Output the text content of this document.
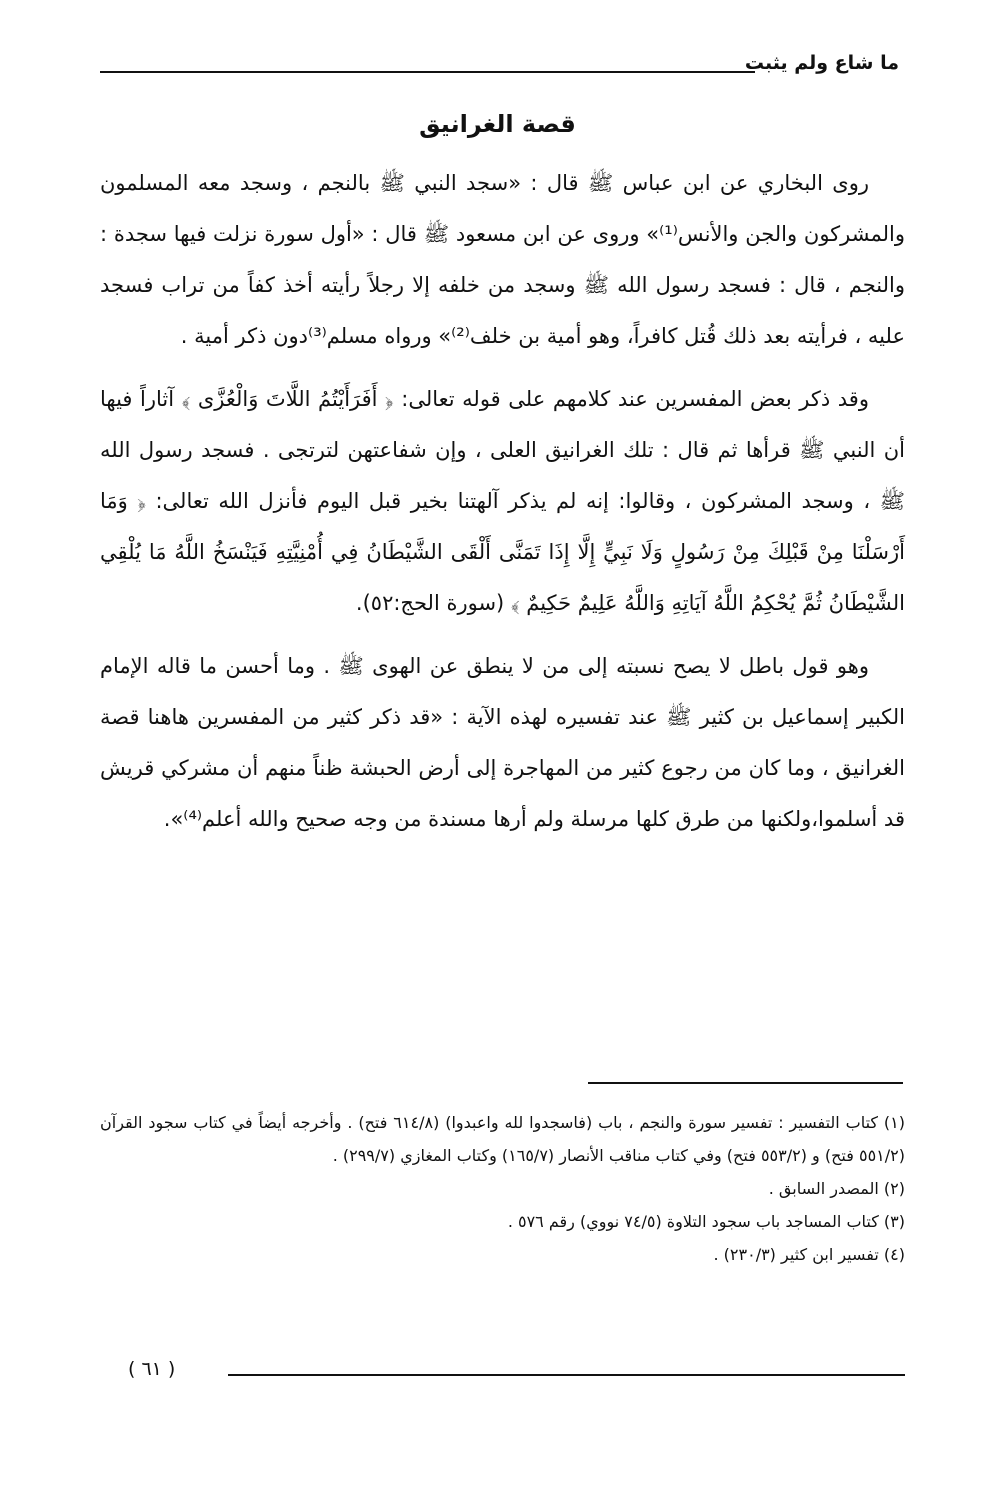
ما شاع ولم يثبت
قصة الغرانيق

روى البخاري عن ابن عباس ﷺ قال : «سجد النبي ﷺ بالنجم ، وسجد معه المسلمون والمشركون والجن والأنس⁽¹⁾» وروى عن ابن مسعود ﷺ قال : «أول سورة نزلت فيها سجدة : والنجم ، قال : فسجد رسول الله ﷺ وسجد من خلفه إلا رجلاً رأيته أخذ كفاً من تراب فسجد عليه ، فرأيته بعد ذلك قُتل كافراً، وهو أمية بن خلف⁽²⁾» ورواه مسلم⁽³⁾دون ذكر أمية .

وقد ذكر بعض المفسرين عند كلامهم على قوله تعالى: ﴿ أَفَرَأَيْتُمُ اللَّاتَ وَالْعُزَّى ﴾ آثاراً فيها أن النبي ﷺ قرأها ثم قال : تلك الغرانيق العلى ، وإن شفاعتهن لترتجى . فسجد رسول الله ﷺ ، وسجد المشركون ، وقالوا: إنه لم يذكر آلهتنا بخير قبل اليوم فأنزل الله تعالى: ﴿ وَمَا أَرْسَلْنَا مِنْ قَبْلِكَ مِنْ رَسُولٍ وَلَا نَبِيٍّ إِلَّا إِذَا تَمَنَّى أَلْقَى الشَّيْطَانُ فِي أُمْنِيَّتِهِ فَيَنْسَخُ اللَّهُ مَا يُلْقِي الشَّيْطَانُ ثُمَّ يُحْكِمُ اللَّهُ آيَاتِهِ وَاللَّهُ عَلِيمٌ حَكِيمٌ ﴾ (سورة الحج:٥٢).

وهو قول باطل لا يصح نسبته إلى من لا ينطق عن الهوى ﷺ . وما أحسن ما قاله الإمام الكبير إسماعيل بن كثير ﷺ عند تفسيره لهذه الآية : «قد ذكر كثير من المفسرين هاهنا قصة الغرانيق ، وما كان من رجوع كثير من المهاجرة إلى أرض الحبشة ظناً منهم أن مشركي قريش قد أسلموا،ولكنها من طرق كلها مرسلة ولم أرها مسندة من وجه صحيح والله أعلم⁽⁴⁾».

(١) كتاب التفسير : تفسير سورة والنجم ، باب (فاسجدوا لله واعبدوا) (٦١٤/٨ فتح) . وأخرجه أيضاً في كتاب سجود القرآن (٥٥١/٢ فتح) و (٥٥٣/٢ فتح) وفي كتاب مناقب الأنصار (١٦٥/٧) وكتاب المغازي (٢٩٩/٧) .

(٢) المصدر السابق .

(٣) كتاب المساجد باب سجود التلاوة (٧٤/٥ نووي) رقم ٥٧٦ .

(٤) تفسير ابن كثير (٢٣٠/٣) .

( ٦١ )
